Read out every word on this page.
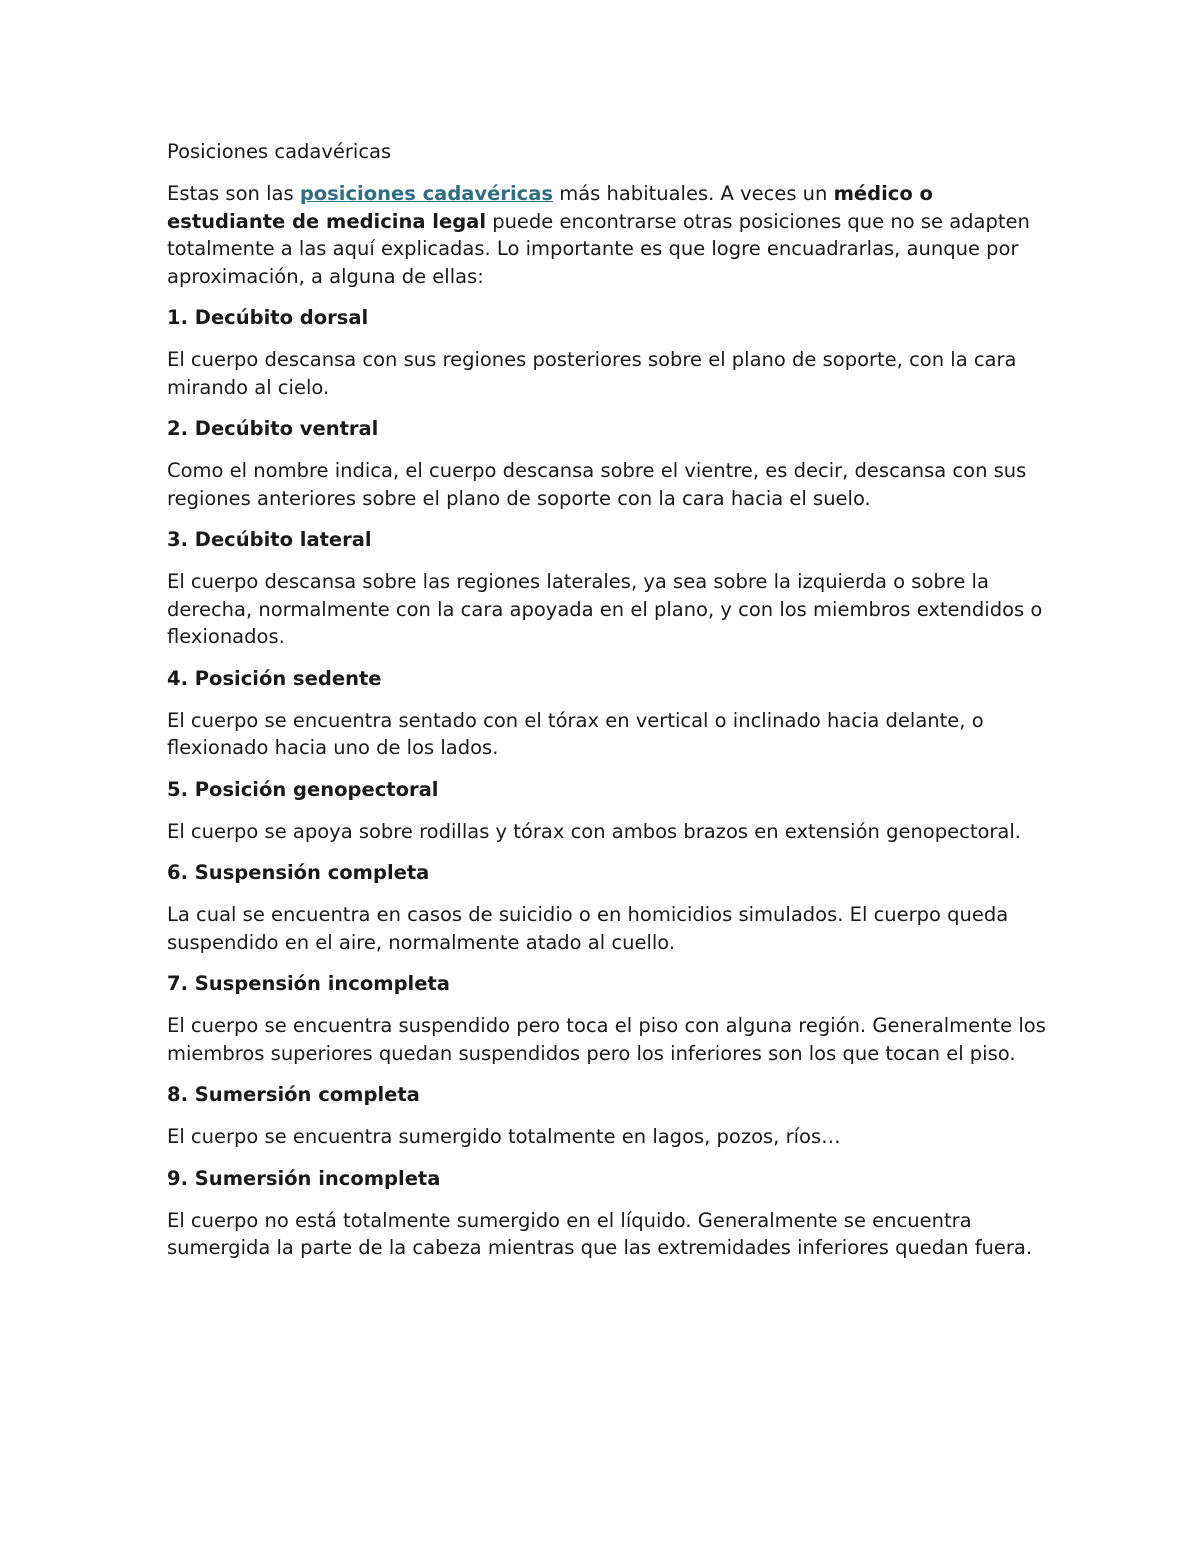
Posiciones cadavéricas

Estas son las posiciones cadavéricas más habituales. A veces un médico o estudiante de medicina legal puede encontrarse otras posiciones que no se adapten totalmente a las aquí explicadas. Lo importante es que logre encuadrarlas, aunque por aproximación, a alguna de ellas:

1. Decúbito dorsal

El cuerpo descansa con sus regiones posteriores sobre el plano de soporte, con la cara mirando al cielo.

2. Decúbito ventral

Como el nombre indica, el cuerpo descansa sobre el vientre, es decir, descansa con sus regiones anteriores sobre el plano de soporte con la cara hacia el suelo.

3. Decúbito lateral

El cuerpo descansa sobre las regiones laterales, ya sea sobre la izquierda o sobre la derecha, normalmente con la cara apoyada en el plano, y con los miembros extendidos o flexionados.

4. Posición sedente

El cuerpo se encuentra sentado con el tórax en vertical o inclinado hacia delante, o flexionado hacia uno de los lados.

5. Posición genopectoral

El cuerpo se apoya sobre rodillas y tórax con ambos brazos en extensión genopectoral.

6. Suspensión completa

La cual se encuentra en casos de suicidio o en homicidios simulados. El cuerpo queda suspendido en el aire, normalmente atado al cuello.

7. Suspensión incompleta

El cuerpo se encuentra suspendido pero toca el piso con alguna región. Generalmente los miembros superiores quedan suspendidos pero los inferiores son los que tocan el piso.

8. Sumersión completa

El cuerpo se encuentra sumergido totalmente en lagos, pozos, ríos…

9. Sumersión incompleta

El cuerpo no está totalmente sumergido en el líquido. Generalmente se encuentra sumergida la parte de la cabeza mientras que las extremidades inferiores quedan fuera.
